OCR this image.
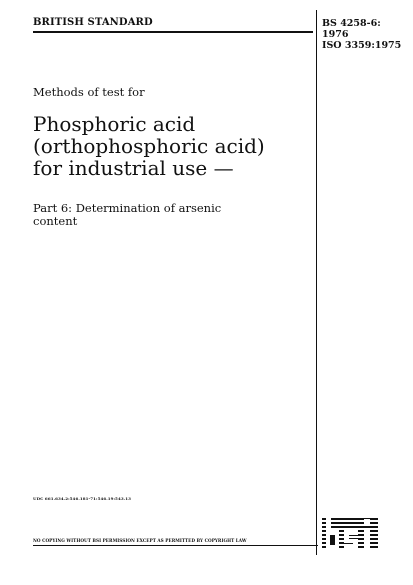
BRITISH STANDARD	BS 4258-6:
1976
ISO 3359:1975
Methods of test for
Phosphoric acid
(orthophosphoric acid)
for industrial use —
Part 6: Determination of arsenic
content
UDC 661.634.2:546.181-71:546.19:543.13
NO COPYING WITHOUT BSI PERMISSION EXCEPT AS PERMITTED BY COPYRIGHT LAW
